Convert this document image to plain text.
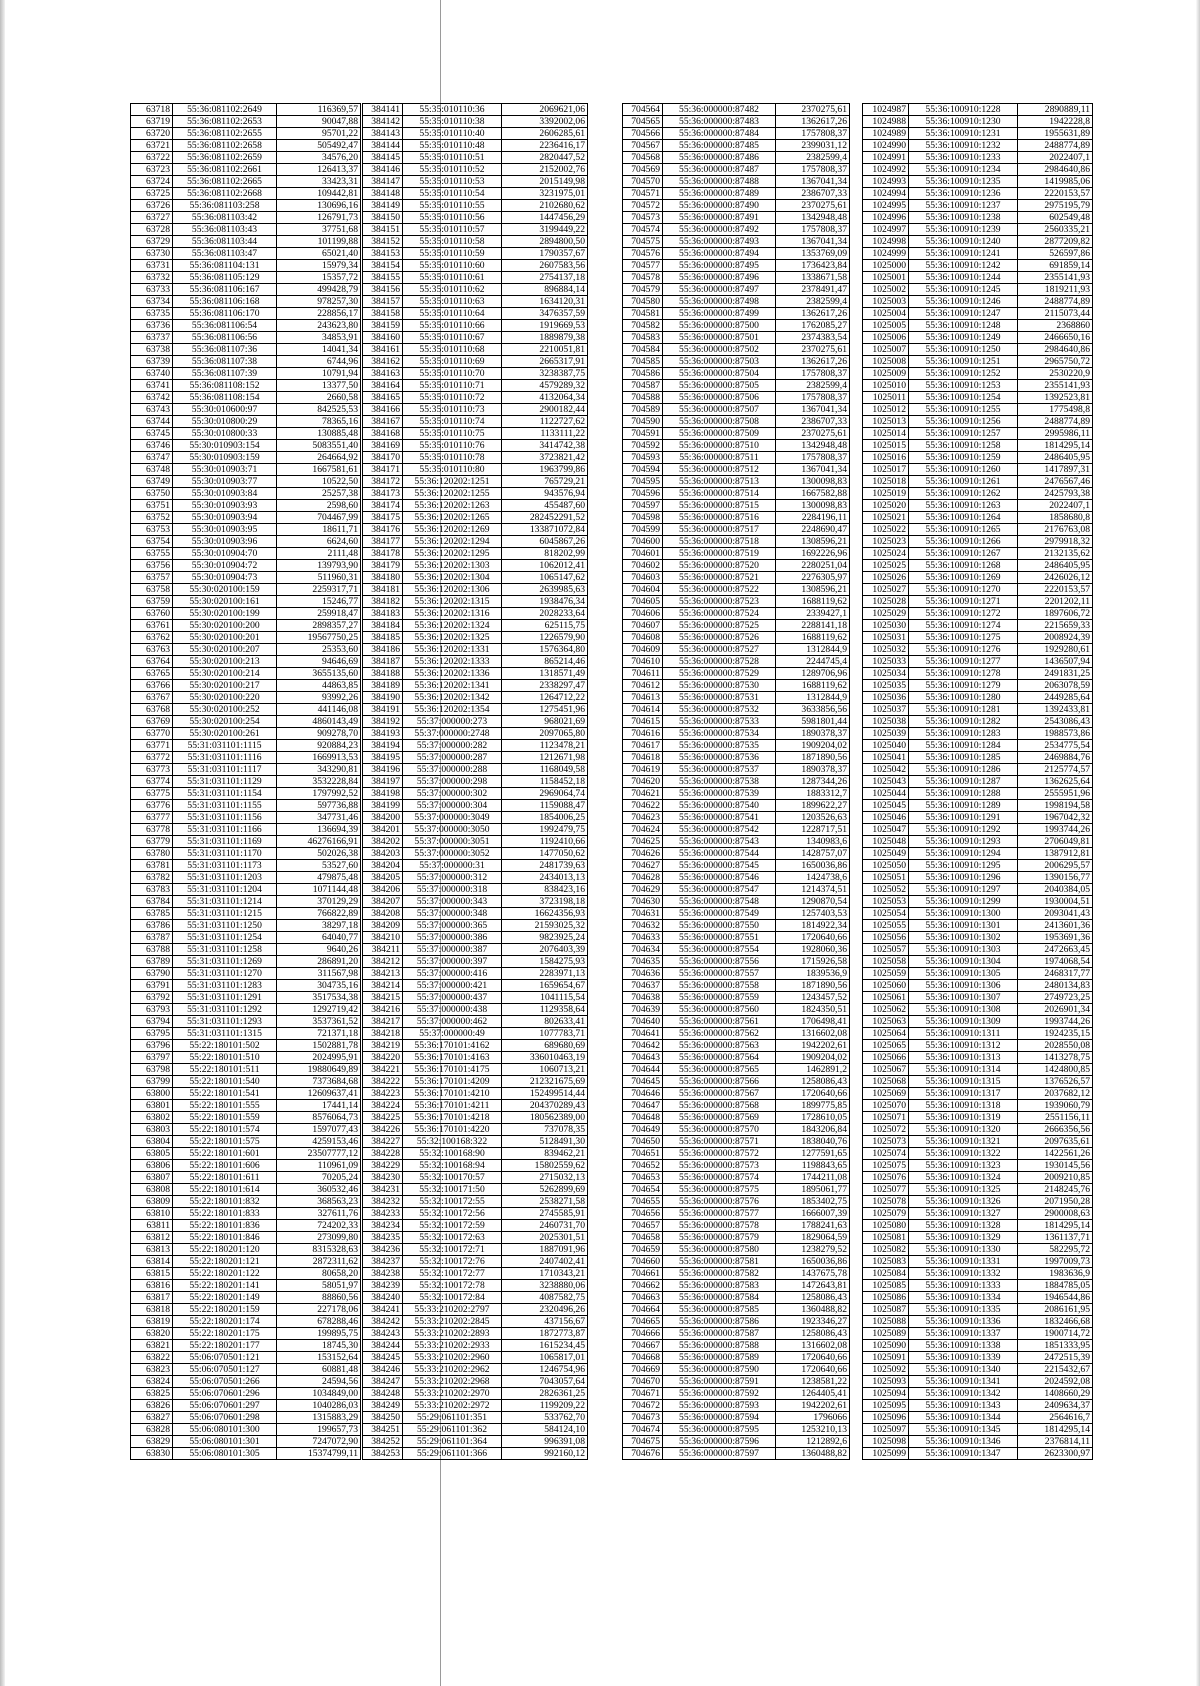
63718	55:36:081102:2649	116369,57
63719	55:36:081102:2653	90047,88
63720	55:36:081102:2655	95701,22
63721	55:36:081102:2658	505492,47
63722	55:36:081102:2659	34576,20
63723	55:36:081102:2661	126413,37
63724	55:36:081102:2665	33423,31
63725	55:36:081102:2668	109442,81
63726	55:36:081103:258	130696,16
63727	55:36:081103:42	126791,73
63728	55:36:081103:43	37751,68
63729	55:36:081103:44	101199,88
63730	55:36:081103:47	65021,40
63731	55:36:081104:131	15979,34
63732	55:36:081105:129	15357,72
63733	55:36:081106:167	499428,79
63734	55:36:081106:168	978257,30
63735	55:36:081106:170	228856,17
63736	55:36:081106:54	243623,80
63737	55:36:081106:56	34853,91
63738	55:36:081107:36	14041,34
63739	55:36:081107:38	6744,96
63740	55:36:081107:39	10791,94
63741	55:36:081108:152	13377,50
63742	55:36:081108:154	2660,58
63743	55:30:010600:97	842525,53
63744	55:30:010800:29	78365,16
63745	55:30:010800:33	130885,48
63746	55:30:010903:154	5083551,40
63747	55:30:010903:159	264664,92
63748	55:30:010903:71	1667581,61
63749	55:30:010903:77	10522,50
63750	55:30:010903:84	25257,38
63751	55:30:010903:93	2598,60
63752	55:30:010903:94	704467,99
63753	55:30:010903:95	18611,71
63754	55:30:010903:96	6624,60
63755	55:30:010904:70	2111,48
63756	55:30:010904:72	139793,90
63757	55:30:010904:73	511960,31
63758	55:30:020100:159	2259317,71
63759	55:30:020100:161	15246,77
63760	55:30:020100:199	259918,47
63761	55:30:020100:200	2898357,27
63762	55:30:020100:201	19567750,25
63763	55:30:020100:207	25353,60
63764	55:30:020100:213	94646,69
63765	55:30:020100:214	3655135,60
63766	55:30:020100:217	44863,85
63767	55:30:020100:220	93992,26
63768	55:30:020100:252	441146,08
63769	55:30:020100:254	4860143,49
63770	55:30:020100:261	909278,70
63771	55:31:031101:1115	920884,23
63772	55:31:031101:1116	1669913,53
63773	55:31:031101:1117	343290,81
63774	55:31:031101:1129	3532228,84
63775	55:31:031101:1154	1797992,52
63776	55:31:031101:1155	597736,88
63777	55:31:031101:1156	347731,46
63778	55:31:031101:1166	136694,39
63779	55:31:031101:1169	46276166,91
63780	55:31:031101:1170	502026,38
63781	55:31:031101:1173	53527,60
63782	55:31:031101:1203	479875,48
63783	55:31:031101:1204	1071144,48
63784	55:31:031101:1214	370129,29
63785	55:31:031101:1215	766822,89
63786	55:31:031101:1250	38297,18
63787	55:31:031101:1254	64040,77
63788	55:31:031101:1258	9640,26
63789	55:31:031101:1269	286891,20
63790	55:31:031101:1270	311567,98
63791	55:31:031101:1283	304735,16
63792	55:31:031101:1291	3517534,38
63793	55:31:031101:1292	1292719,42
63794	55:31:031101:1293	3537361,52
63795	55:31:031101:1315	721371,18
63796	55:22:180101:502	1502881,78
63797	55:22:180101:510	2024995,91
63798	55:22:180101:511	19880649,89
63799	55:22:180101:540	7373684,68
63800	55:22:180101:541	12609637,41
63801	55:22:180101:555	17441,14
63802	55:22:180101:559	8576064,73
63803	55:22:180101:574	1597077,43
63804	55:22:180101:575	4259153,46
63805	55:22:180101:601	23507777,12
63806	55:22:180101:606	110961,09
63807	55:22:180101:611	70205,24
63808	55:22:180101:614	360532,46
63809	55:22:180101:832	368563,23
63810	55:22:180101:833	327611,76
63811	55:22:180101:836	724202,33
63812	55:22:180101:846	273099,80
63813	55:22:180201:120	8315328,63
63814	55:22:180201:121	2872311,62
63815	55:22:180201:122	80658,20
63816	55:22:180201:141	58051,97
63817	55:22:180201:149	88860,56
63818	55:22:180201:159	227178,06
63819	55:22:180201:174	678288,46
63820	55:22:180201:175	199895,75
63821	55:22:180201:177	18745,30
63822	55:06:070501:121	153152,64
63823	55:06:070501:127	60881,48
63824	55:06:070501:266	24594,56
63825	55:06:070601:296	1034849,00
63826	55:06:070601:297	1040286,03
63827	55:06:070601:298	1315883,29
63828	55:06:080101:300	199657,73
63829	55:06:080101:301	7247072,90
63830	55:06:080101:305	15374799,11
384141	55:35:010110:36	2069621,06
384142	55:35:010110:38	3392002,06
384143	55:35:010110:40	2606285,61
384144	55:35:010110:48	2236416,17
384145	55:35:010110:51	2820447,52
384146	55:35:010110:52	2152002,76
384147	55:35:010110:53	2015149,98
384148	55:35:010110:54	3231975,01
384149	55:35:010110:55	2102680,62
384150	55:35:010110:56	1447456,29
384151	55:35:010110:57	3199449,22
384152	55:35:010110:58	2894800,50
384153	55:35:010110:59	1790357,67
384154	55:35:010110:60	2607583,56
384155	55:35:010110:61	2754137,18
384156	55:35:010110:62	896884,14
384157	55:35:010110:63	1634120,31
384158	55:35:010110:64	3476357,59
384159	55:35:010110:66	1919669,53
384160	55:35:010110:67	1889879,38
384161	55:35:010110:68	2210051,81
384162	55:35:010110:69	2665317,91
384163	55:35:010110:70	3238387,75
384164	55:35:010110:71	4579289,32
384165	55:35:010110:72	4132064,34
384166	55:35:010110:73	2900182,44
384167	55:35:010110:74	1122727,62
384168	55:35:010110:75	1133111,22
384169	55:35:010110:76	3414742,38
384170	55:35:010110:78	3723821,42
384171	55:35:010110:80	1963799,86
384172	55:36:120202:1251	765729,21
384173	55:36:120202:1255	943576,94
384174	55:36:120202:1263	455487,60
384175	55:36:120202:1265	282452291,52
384176	55:36:120202:1269	133871072,84
384177	55:36:120202:1294	6045867,26
384178	55:36:120202:1295	818202,99
384179	55:36:120202:1303	1062012,41
384180	55:36:120202:1304	1065147,62
384181	55:36:120202:1306	2639985,63
384182	55:36:120202:1315	1938476,34
384183	55:36:120202:1316	2028233,64
384184	55:36:120202:1324	625115,75
384185	55:36:120202:1325	1226579,90
384186	55:36:120202:1331	1576364,80
384187	55:36:120202:1333	865214,46
384188	55:36:120202:1336	1318571,49
384189	55:36:120202:1341	2338297,47
384190	55:36:120202:1342	1264712,22
384191	55:36:120202:1354	1275451,96
384192	55:37:000000:273	968021,69
384193	55:37:000000:2748	2097065,80
384194	55:37:000000:282	1123478,21
384195	55:37:000000:287	1212671,98
384196	55:37:000000:288	1168049,58
384197	55:37:000000:298	1158452,18
384198	55:37:000000:302	2969064,74
384199	55:37:000000:304	1159088,47
384200	55:37:000000:3049	1854006,25
384201	55:37:000000:3050	1992479,75
384202	55:37:000000:3051	1192410,66
384203	55:37:000000:3052	1477050,62
384204	55:37:000000:31	2481739,63
384205	55:37:000000:312	2434013,13
384206	55:37:000000:318	838423,16
384207	55:37:000000:343	3723198,18
384208	55:37:000000:348	16624356,93
384209	55:37:000000:365	21593025,32
384210	55:37:000000:386	9823925,24
384211	55:37:000000:387	2076403,39
384212	55:37:000000:397	1584275,93
384213	55:37:000000:416	2283971,13
384214	55:37:000000:421	1659654,67
384215	55:37:000000:437	1041115,54
384216	55:37:000000:438	1129358,64
384217	55:37:000000:462	802633,41
384218	55:37:000000:49	1077783,71
384219	55:36:170101:4162	689680,69
384220	55:36:170101:4163	336010463,19
384221	55:36:170101:4175	1060713,21
384222	55:36:170101:4209	212321675,69
384223	55:36:170101:4210	152499514,44
384224	55:36:170101:4211	204370289,43
384225	55:36:170101:4218	180562389,00
384226	55:36:170101:4220	737078,35
384227	55:32:100168:322	5128491,30
384228	55:32:100168:90	839462,21
384229	55:32:100168:94	15802559,62
384230	55:32:100170:57	2715032,13
384231	55:32:100171:50	5262899,69
384232	55:32:100172:55	2538271,58
384233	55:32:100172:56	2745585,91
384234	55:32:100172:59	2460731,70
384235	55:32:100172:63	2025301,51
384236	55:32:100172:71	1887091,96
384237	55:32:100172:76	2407402,41
384238	55:32:100172:77	1710343,21
384239	55:32:100172:78	3238880,06
384240	55:32:100172:84	4087582,75
384241	55:33:210202:2797	2320496,26
384242	55:33:210202:2845	437156,67
384243	55:33:210202:2893	1872773,87
384244	55:33:210202:2933	1615234,45
384245	55:33:210202:2960	1065817,01
384246	55:33:210202:2962	1246754,96
384247	55:33:210202:2968	7043057,64
384248	55:33:210202:2970	2826361,25
384249	55:33:210202:2972	1199209,22
384250	55:29:061101:351	533762,70
384251	55:29:061101:362	584124,10
384252	55:29:061101:364	996391,08
384253	55:29:061101:366	992160,12
704564	55:36:000000:87482	2370275,61
704565	55:36:000000:87483	1362617,26
704566	55:36:000000:87484	1757808,37
704567	55:36:000000:87485	2399031,12
704568	55:36:000000:87486	2382599,4
704569	55:36:000000:87487	1757808,37
704570	55:36:000000:87488	1367041,34
704571	55:36:000000:87489	2386707,33
704572	55:36:000000:87490	2370275,61
704573	55:36:000000:87491	1342948,48
704574	55:36:000000:87492	1757808,37
704575	55:36:000000:87493	1367041,34
704576	55:36:000000:87494	1353769,09
704577	55:36:000000:87495	1736423,84
704578	55:36:000000:87496	1338671,58
704579	55:36:000000:87497	2378491,47
704580	55:36:000000:87498	2382599,4
704581	55:36:000000:87499	1362617,26
704582	55:36:000000:87500	1762085,27
704583	55:36:000000:87501	2374383,54
704584	55:36:000000:87502	2370275,61
704585	55:36:000000:87503	1362617,26
704586	55:36:000000:87504	1757808,37
704587	55:36:000000:87505	2382599,4
704588	55:36:000000:87506	1757808,37
704589	55:36:000000:87507	1367041,34
704590	55:36:000000:87508	2386707,33
704591	55:36:000000:87509	2370275,61
704592	55:36:000000:87510	1342948,48
704593	55:36:000000:87511	1757808,37
704594	55:36:000000:87512	1367041,34
704595	55:36:000000:87513	1300098,83
704596	55:36:000000:87514	1667582,88
704597	55:36:000000:87515	1300098,83
704598	55:36:000000:87516	2284196,11
704599	55:36:000000:87517	2248690,47
704600	55:36:000000:87518	1308596,21
704601	55:36:000000:87519	1692226,96
704602	55:36:000000:87520	2280251,04
704603	55:36:000000:87521	2276305,97
704604	55:36:000000:87522	1308596,21
704605	55:36:000000:87523	1688119,62
704606	55:36:000000:87524	2339427,1
704607	55:36:000000:87525	2288141,18
704608	55:36:000000:87526	1688119,62
704609	55:36:000000:87527	1312844,9
704610	55:36:000000:87528	2244745,4
704611	55:36:000000:87529	1289706,96
704612	55:36:000000:87530	1688119,62
704613	55:36:000000:87531	1312844,9
704614	55:36:000000:87532	3633856,56
704615	55:36:000000:87533	5981801,44
704616	55:36:000000:87534	1890378,37
704617	55:36:000000:87535	1909204,02
704618	55:36:000000:87536	1871890,56
704619	55:36:000000:87537	1890378,37
704620	55:36:000000:87538	1287344,26
704621	55:36:000000:87539	1883312,7
704622	55:36:000000:87540	1899622,27
704623	55:36:000000:87541	1203526,63
704624	55:36:000000:87542	1228717,51
704625	55:36:000000:87543	1340983,6
704626	55:36:000000:87544	1428757,07
704627	55:36:000000:87545	1650036,86
704628	55:36:000000:87546	1424738,6
704629	55:36:000000:87547	1214374,51
704630	55:36:000000:87548	1290870,54
704631	55:36:000000:87549	1257403,53
704632	55:36:000000:87550	1814922,34
704633	55:36:000000:87551	1720640,66
704634	55:36:000000:87554	1928060,36
704635	55:36:000000:87556	1715926,58
704636	55:36:000000:87557	1839536,9
704637	55:36:000000:87558	1871890,56
704638	55:36:000000:87559	1243457,52
704639	55:36:000000:87560	1824350,51
704640	55:36:000000:87561	1706498,41
704641	55:36:000000:87562	1316602,08
704642	55:36:000000:87563	1942202,61
704643	55:36:000000:87564	1909204,02
704644	55:36:000000:87565	1462891,2
704645	55:36:000000:87566	1258086,43
704646	55:36:000000:87567	1720640,66
704647	55:36:000000:87568	1899775,85
704648	55:36:000000:87569	1728610,05
704649	55:36:000000:87570	1843206,84
704650	55:36:000000:87571	1838040,76
704651	55:36:000000:87572	1277591,65
704652	55:36:000000:87573	1198843,65
704653	55:36:000000:87574	1744211,08
704654	55:36:000000:87575	1895061,77
704655	55:36:000000:87576	1853402,75
704656	55:36:000000:87577	1666007,39
704657	55:36:000000:87578	1788241,63
704658	55:36:000000:87579	1829064,59
704659	55:36:000000:87580	1238279,52
704660	55:36:000000:87581	1650036,86
704661	55:36:000000:87582	1437675,78
704662	55:36:000000:87583	1472643,81
704663	55:36:000000:87584	1258086,43
704664	55:36:000000:87585	1360488,82
704665	55:36:000000:87586	1923346,27
704666	55:36:000000:87587	1258086,43
704667	55:36:000000:87588	1316602,08
704668	55:36:000000:87589	1720640,66
704669	55:36:000000:87590	1720640,66
704670	55:36:000000:87591	1238581,22
704671	55:36:000000:87592	1264405,41
704672	55:36:000000:87593	1942202,61
704673	55:36:000000:87594	1796066
704674	55:36:000000:87595	1253210,13
704675	55:36:000000:87596	1212892,6
704676	55:36:000000:87597	1360488,82
1024987	55:36:100910:1228	2890889,11
1024988	55:36:100910:1230	1942228,8
1024989	55:36:100910:1231	1955631,89
1024990	55:36:100910:1232	2488774,89
1024991	55:36:100910:1233	2022407,1
1024992	55:36:100910:1234	2984640,86
1024993	55:36:100910:1235	1419985,06
1024994	55:36:100910:1236	2220153,57
1024995	55:36:100910:1237	2975195,79
1024996	55:36:100910:1238	602549,48
1024997	55:36:100910:1239	2560335,21
1024998	55:36:100910:1240	2877209,82
1024999	55:36:100910:1241	526597,86
1025000	55:36:100910:1242	691859,14
1025001	55:36:100910:1244	2355141,93
1025002	55:36:100910:1245	1819211,93
1025003	55:36:100910:1246	2488774,89
1025004	55:36:100910:1247	2115073,44
1025005	55:36:100910:1248	2368860
1025006	55:36:100910:1249	2466650,16
1025007	55:36:100910:1250	2984640,86
1025008	55:36:100910:1251	2965750,72
1025009	55:36:100910:1252	2530220,9
1025010	55:36:100910:1253	2355141,93
1025011	55:36:100910:1254	1392523,81
1025012	55:36:100910:1255	1775498,8
1025013	55:36:100910:1256	2488774,89
1025014	55:36:100910:1257	2995986,11
1025015	55:36:100910:1258	1814295,14
1025016	55:36:100910:1259	2486405,95
1025017	55:36:100910:1260	1417897,31
1025018	55:36:100910:1261	2476567,46
1025019	55:36:100910:1262	2425793,38
1025020	55:36:100910:1263	2022407,1
1025021	55:36:100910:1264	1858680,8
1025022	55:36:100910:1265	2176763,08
1025023	55:36:100910:1266	2979918,32
1025024	55:36:100910:1267	2132135,62
1025025	55:36:100910:1268	2486405,95
1025026	55:36:100910:1269	2426026,12
1025027	55:36:100910:1270	2220153,57
1025028	55:36:100910:1271	2201202,11
1025029	55:36:100910:1272	1897606,72
1025030	55:36:100910:1274	2215659,33
1025031	55:36:100910:1275	2008924,39
1025032	55:36:100910:1276	1929280,61
1025033	55:36:100910:1277	1436507,94
1025034	55:36:100910:1278	2491831,25
1025035	55:36:100910:1279	2063078,59
1025036	55:36:100910:1280	2449285,64
1025037	55:36:100910:1281	1392433,81
1025038	55:36:100910:1282	2543086,43
1025039	55:36:100910:1283	1988573,86
1025040	55:36:100910:1284	2534775,54
1025041	55:36:100910:1285	2469884,76
1025042	55:36:100910:1286	2125774,57
1025043	55:36:100910:1287	1362625,64
1025044	55:36:100910:1288	2555951,96
1025045	55:36:100910:1289	1998194,58
1025046	55:36:100910:1291	1967042,32
1025047	55:36:100910:1292	1993744,26
1025048	55:36:100910:1293	2706049,81
1025049	55:36:100910:1294	1387912,81
1025050	55:36:100910:1295	2006295,57
1025051	55:36:100910:1296	1390156,77
1025052	55:36:100910:1297	2040384,05
1025053	55:36:100910:1299	1930004,51
1025054	55:36:100910:1300	2093041,43
1025055	55:36:100910:1301	2413601,36
1025056	55:36:100910:1302	1953691,36
1025057	55:36:100910:1303	2472663,45
1025058	55:36:100910:1304	1974068,54
1025059	55:36:100910:1305	2468317,77
1025060	55:36:100910:1306	2480134,83
1025061	55:36:100910:1307	2749723,25
1025062	55:36:100910:1308	2026901,34
1025063	55:36:100910:1309	1993744,26
1025064	55:36:100910:1311	1924235,15
1025065	55:36:100910:1312	2028550,08
1025066	55:36:100910:1313	1413278,75
1025067	55:36:100910:1314	1424800,85
1025068	55:36:100910:1315	1376526,57
1025069	55:36:100910:1317	2037682,12
1025070	55:36:100910:1318	1939060,79
1025071	55:36:100910:1319	2551156,11
1025072	55:36:100910:1320	2666356,56
1025073	55:36:100910:1321	2097635,61
1025074	55:36:100910:1322	1422561,26
1025075	55:36:100910:1323	1930145,56
1025076	55:36:100910:1324	2009210,85
1025077	55:36:100910:1325	2148245,76
1025078	55:36:100910:1326	2071950,28
1025079	55:36:100910:1327	2900008,63
1025080	55:36:100910:1328	1814295,14
1025081	55:36:100910:1329	1361137,71
1025082	55:36:100910:1330	582295,72
1025083	55:36:100910:1331	1997009,73
1025084	55:36:100910:1332	1983636,9
1025085	55:36:100910:1333	1884785,05
1025086	55:36:100910:1334	1946544,86
1025087	55:36:100910:1335	2086161,95
1025088	55:36:100910:1336	1832466,68
1025089	55:36:100910:1337	1900714,72
1025090	55:36:100910:1338	1851333,95
1025091	55:36:100910:1339	2472515,39
1025092	55:36:100910:1340	2215432,67
1025093	55:36:100910:1341	2024592,08
1025094	55:36:100910:1342	1408660,29
1025095	55:36:100910:1343	2409634,37
1025096	55:36:100910:1344	2564616,7
1025097	55:36:100910:1345	1814295,14
1025098	55:36:100910:1346	2376814,11
1025099	55:36:100910:1347	2623300,97
